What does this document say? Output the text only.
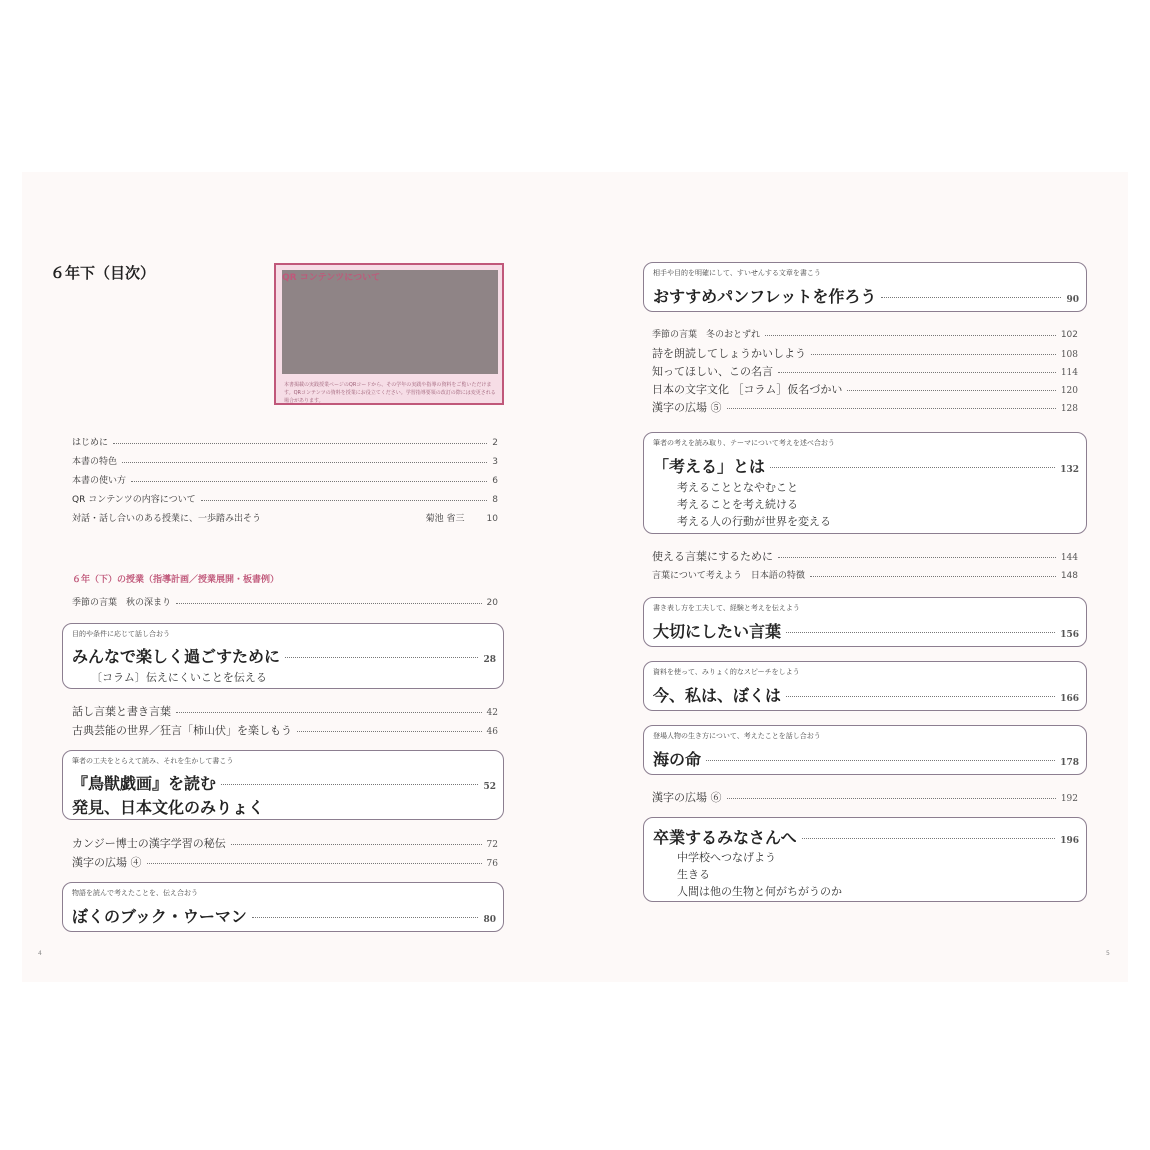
６年下（目次）	QR コンテンツについて
本書掲載の実践授業ページのQRコードから、その学年の実践や指導の資料をご覧いただけます。QRコンテンツの資料を授業にお役立てください。学習指導要領の改訂の際には変更される場合があります。
はじめに	2
本書の特色	3
本書の使い方	6
QR コンテンツの内容について	8
対話・話し合いのある授業に、一歩踏み出そう	菊池 省三 10
６年（下）の授業（指導計画／授業展開・板書例）
季節の言葉　秋の深まり	20
目的や条件に応じて話し合おう
みんなで楽しく過ごすために	28
〔コラム〕伝えにくいことを伝える
話し言葉と書き言葉	42
古典芸能の世界／狂言「柿山伏」を楽しもう	46
筆者の工夫をとらえて読み、それを生かして書こう
『鳥獣戯画』を読む	52
発見、日本文化のみりょく
カンジー博士の漢字学習の秘伝	72
漢字の広場 ④	76
物語を読んで考えたことを、伝え合おう
ぼくのブック・ウーマン	80
4
相手や目的を明確にして、すいせんする文章を書こう
おすすめパンフレットを作ろう	90
季節の言葉　冬のおとずれ	102
詩を朗読してしょうかいしよう	108
知ってほしい、この名言	114
日本の文字文化 ［コラム］仮名づかい	120
漢字の広場 ⑤	128
筆者の考えを読み取り、テーマについて考えを述べ合おう
「考える」とは	132
考えることとなやむこと
考えることを考え続ける
考える人の行動が世界を変える
使える言葉にするために	144
言葉について考えよう　日本語の特徴	148
書き表し方を工夫して、経験と考えを伝えよう
大切にしたい言葉	156
資料を使って、みりょく的なスピーチをしよう
今、私は、ぼくは	166
登場人物の生き方について、考えたことを話し合おう
海の命	178
漢字の広場 ⑥	192
卒業するみなさんへ	196
中学校へつなげよう
生きる
人間は他の生物と何がちがうのか
5
